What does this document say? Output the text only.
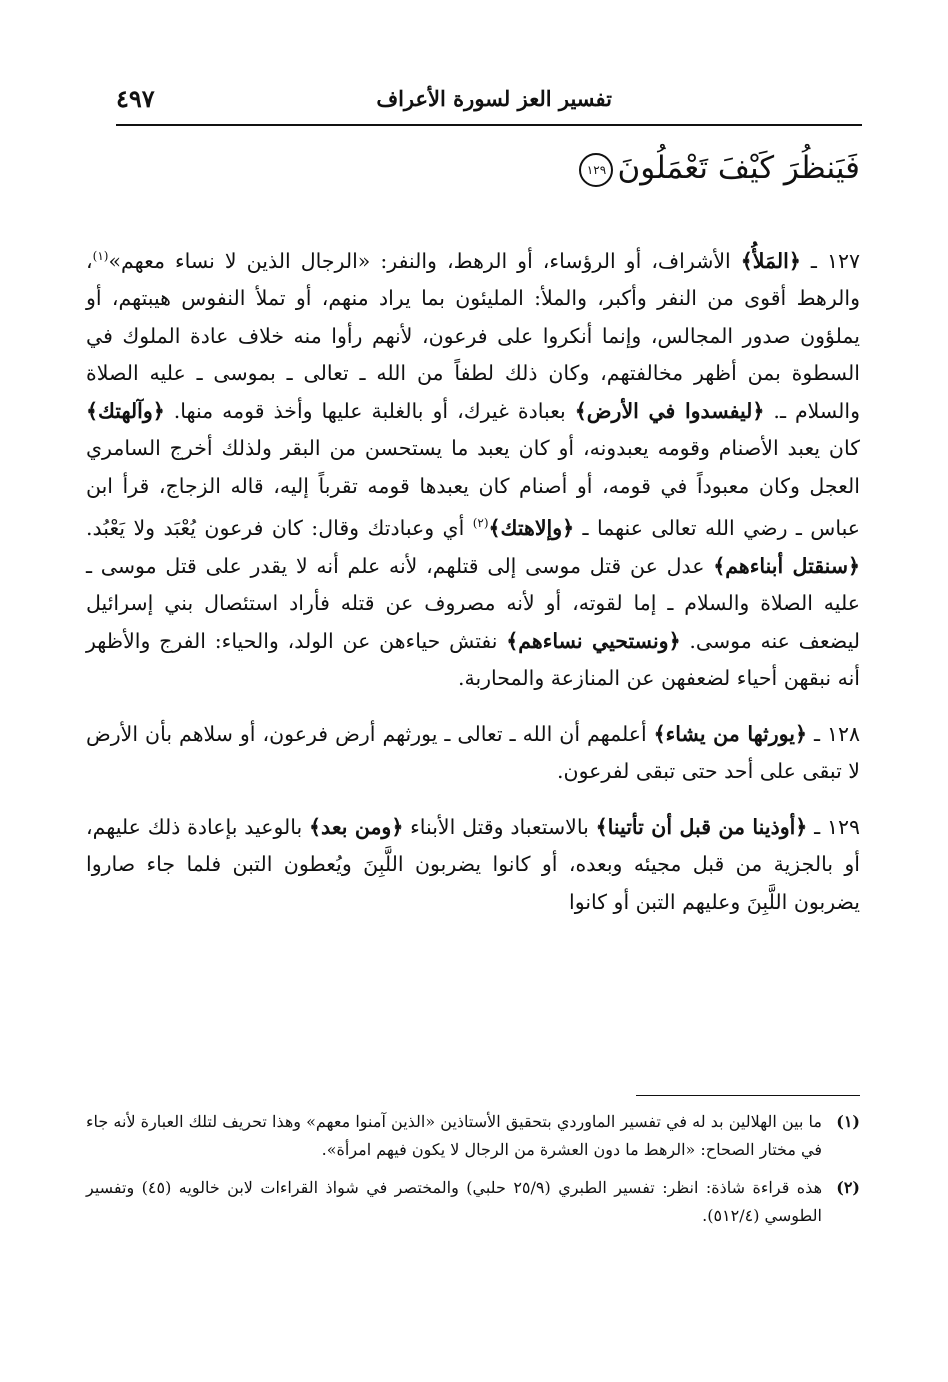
تفسير العز لسورة الأعراف
٤٩٧
فَيَنظُرَ كَيْفَ تَعْمَلُونَ١٢٩

١٢٧ ـ ﴿المَلأُ﴾ الأشراف، أو الرؤساء، أو الرهط، والنفر: «الرجال الذين لا نساء معهم»$^{(١)}$، والرهط أقوى من النفر وأكبر، والملأ: المليئون بما يراد منهم، أو تملأ النفوس هيبتهم، أو يملؤون صدور المجالس، وإنما أنكروا على فرعون، لأنهم رأوا منه خلاف عادة الملوك في السطوة بمن أظهر مخالفتهم، وكان ذلك لطفاً من الله ـ تعالى ـ بموسى ـ عليه الصلاة والسلام ـ. ﴿ليفسدوا في الأرض﴾ بعبادة غيرك، أو بالغلبة عليها وأخذ قومه منها. ﴿وآلهتك﴾ كان يعبد الأصنام وقومه يعبدونه، أو كان يعبد ما يستحسن من البقر ولذلك أخرج السامري العجل وكان معبوداً في قومه، أو أصنام كان يعبدها قومه تقرباً إليه، قاله الزجاج، قرأ ابن عباس ـ رضي الله تعالى عنهما ـ ﴿وإلاهتك﴾$^{(٢)}$ أي وعبادتك وقال: كان فرعون يُعْبَد ولا يَعْبُد. ﴿سنقتل أبناءهم﴾ عدل عن قتل موسى إلى قتلهم، لأنه علم أنه لا يقدر على قتل موسى ـ عليه الصلاة والسلام ـ إما لقوته، أو لأنه مصروف عن قتله فأراد استئصال بني إسرائيل ليضعف عنه موسى. ﴿ونستحيي نساءهم﴾ نفتش حياءهن عن الولد، والحياء: الفرج والأظهر أنه نبقهن أحياء لضعفهن عن المنازعة والمحاربة.

١٢٨ ـ ﴿يورثها من يشاء﴾ أعلمهم أن الله ـ تعالى ـ يورثهم أرض فرعون، أو سلاهم بأن الأرض لا تبقى على أحد حتى تبقى لفرعون.

١٢٩ ـ ﴿أوذينا من قبل أن تأتينا﴾ بالاستعباد وقتل الأبناء ﴿ومن بعد﴾ بالوعيد بإعادة ذلك عليهم، أو بالجزية من قبل مجيئه وبعده، أو كانوا يضربون اللَّبِنَ ويُعطون التبن فلما جاء صاروا يضربون اللَّبِنَ وعليهم التبن أو كانوا

(١)
ما بين الهلالين بد له في تفسير الماوردي بتحقيق الأستاذين «الذين آمنوا معهم» وهذا تحريف لتلك العبارة لأنه جاء في مختار الصحاح: «الرهط ما دون العشرة من الرجال لا يكون فيهم امرأة».
(٢)
هذه قراءة شاذة: انظر: تفسير الطبري (٢٥/٩ حلبي) والمختصر في شواذ القراءات لابن خالويه (٤٥) وتفسير الطوسي (٥١٢/٤).
